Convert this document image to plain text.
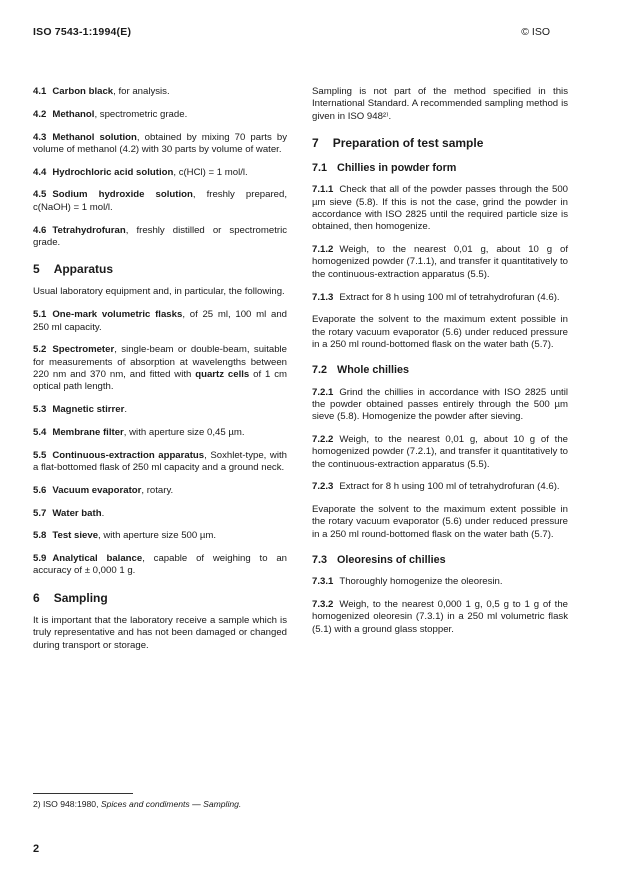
ISO 7543-1:1994(E)	© ISO
4.1 Carbon black, for analysis.
4.2 Methanol, spectrometric grade.
4.3 Methanol solution, obtained by mixing 70 parts by volume of methanol (4.2) with 30 parts by volume of water.
4.4 Hydrochloric acid solution, c(HCl) = 1 mol/l.
4.5 Sodium hydroxide solution, freshly prepared, c(NaOH) = 1 mol/l.
4.6 Tetrahydrofuran, freshly distilled or spectrometric grade.
5 Apparatus
Usual laboratory equipment and, in particular, the following.
5.1 One-mark volumetric flasks, of 25 ml, 100 ml and 250 ml capacity.
5.2 Spectrometer, single-beam or double-beam, suitable for measurements of absorption at wavelengths between 220 nm and 370 nm, and fitted with quartz cells of 1 cm optical path length.
5.3 Magnetic stirrer.
5.4 Membrane filter, with aperture size 0,45 µm.
5.5 Continuous-extraction apparatus, Soxhlet-type, with a flat-bottomed flask of 250 ml capacity and a ground neck.
5.6 Vacuum evaporator, rotary.
5.7 Water bath.
5.8 Test sieve, with aperture size 500 µm.
5.9 Analytical balance, capable of weighing to an accuracy of ± 0,000 1 g.
6 Sampling
It is important that the laboratory receive a sample which is truly representative and has not been damaged or changed during transport or storage.
Sampling is not part of the method specified in this International Standard. A recommended sampling method is given in ISO 948²⁾.
7 Preparation of test sample
7.1 Chillies in powder form
7.1.1 Check that all of the powder passes through the 500 µm sieve (5.8). If this is not the case, grind the powder in accordance with ISO 2825 until the required particle size is obtained, then homogenize.
7.1.2 Weigh, to the nearest 0,01 g, about 10 g of homogenized powder (7.1.1), and transfer it quantitatively to the continuous-extraction apparatus (5.5).
7.1.3 Extract for 8 h using 100 ml of tetrahydrofuran (4.6).
Evaporate the solvent to the maximum extent possible in the rotary vacuum evaporator (5.6) under reduced pressure in a 250 ml round-bottomed flask on the water bath (5.7).
7.2 Whole chillies
7.2.1 Grind the chillies in accordance with ISO 2825 until the powder obtained passes entirely through the 500 µm sieve (5.8). Homogenize the powder after sieving.
7.2.2 Weigh, to the nearest 0,01 g, about 10 g of the homogenized powder (7.2.1), and transfer it quantitatively to the continuous-extraction apparatus (5.5).
7.2.3 Extract for 8 h using 100 ml of tetrahydrofuran (4.6).
Evaporate the solvent to the maximum extent possible in the rotary vacuum evaporator (5.6) under reduced pressure in a 250 ml round-bottomed flask on the water bath (5.7).
7.3 Oleoresins of chillies
7.3.1 Thoroughly homogenize the oleoresin.
7.3.2 Weigh, to the nearest 0,000 1 g, 0,5 g to 1 g of the homogenized oleoresin (7.3.1) in a 250 ml volumetric flask (5.1) with a ground glass stopper.
2) ISO 948:1980, Spices and condiments — Sampling.
2
